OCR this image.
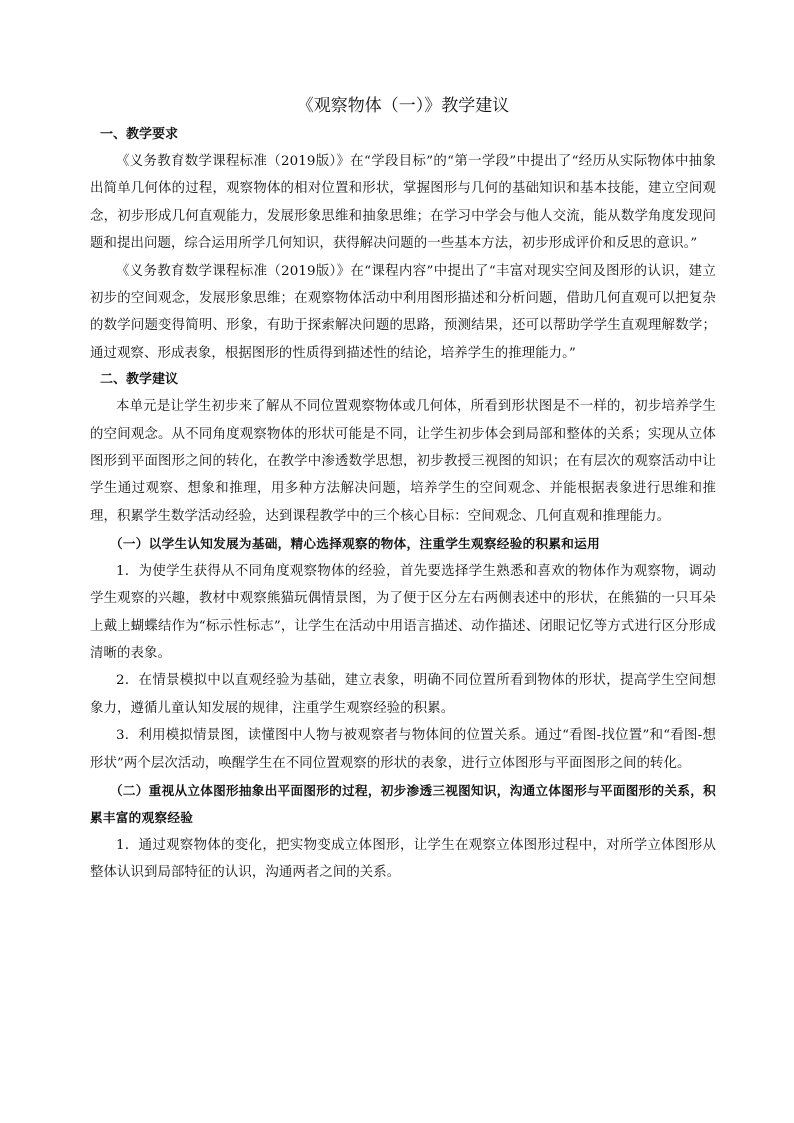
《观察物体（一）》教学建议

一、教学要求

《义务教育数学课程标准（2019版）》在“学段目标”的“第一学段”中提出了“经历从实际物体中抽象出简单几何体的过程，观察物体的相对位置和形状，掌握图形与几何的基础知识和基本技能，建立空间观念，初步形成几何直观能力，发展形象思维和抽象思维；在学习中学会与他人交流，能从数学角度发现问题和提出问题，综合运用所学几何知识，获得解决问题的一些基本方法，初步形成评价和反思的意识。”

《义务教育数学课程标准（2019版）》在“课程内容”中提出了“丰富对现实空间及图形的认识，建立初步的空间观念，发展形象思维；在观察物体活动中利用图形描述和分析问题，借助几何直观可以把复杂的数学问题变得简明、形象，有助于探索解决问题的思路，预测结果，还可以帮助学学生直观理解数学；通过观察、形成表象，根据图形的性质得到描述性的结论，培养学生的推理能力。”

二、教学建议

本单元是让学生初步来了解从不同位置观察物体或几何体，所看到形状图是不一样的，初步培养学生的空间观念。从不同角度观察物体的形状可能是不同，让学生初步体会到局部和整体的关系；实现从立体图形到平面图形之间的转化，在教学中渗透数学思想，初步教授三视图的知识；在有层次的观察活动中让学生通过观察、想象和推理，用多种方法解决问题，培养学生的空间观念、并能根据表象进行思维和推理，积累学生数学活动经验，达到课程教学中的三个核心目标：空间观念、几何直观和推理能力。

（一）以学生认知发展为基础，精心选择观察的物体，注重学生观察经验的积累和运用

1．为使学生获得从不同角度观察物体的经验，首先要选择学生熟悉和喜欢的物体作为观察物，调动学生观察的兴趣，教材中观察熊猫玩偶情景图，为了便于区分左右两侧表述中的形状，在熊猫的一只耳朵上戴上蝴蝶结作为“标示性标志”，让学生在活动中用语言描述、动作描述、闭眼记忆等方式进行区分形成清晰的表象。

2．在情景模拟中以直观经验为基础，建立表象，明确不同位置所看到物体的形状，提高学生空间想象力，遵循儿童认知发展的规律，注重学生观察经验的积累。

3．利用模拟情景图，读懂图中人物与被观察者与物体间的位置关系。通过“看图-找位置”和“看图-想形状”两个层次活动，唤醒学生在不同位置观察的形状的表象，进行立体图形与平面图形之间的转化。

（二）重视从立体图形抽象出平面图形的过程，初步渗透三视图知识，沟通立体图形与平面图形的关系，积累丰富的观察经验

1．通过观察物体的变化，把实物变成立体图形，让学生在观察立体图形过程中，对所学立体图形从整体认识到局部特征的认识，沟通两者之间的关系。
